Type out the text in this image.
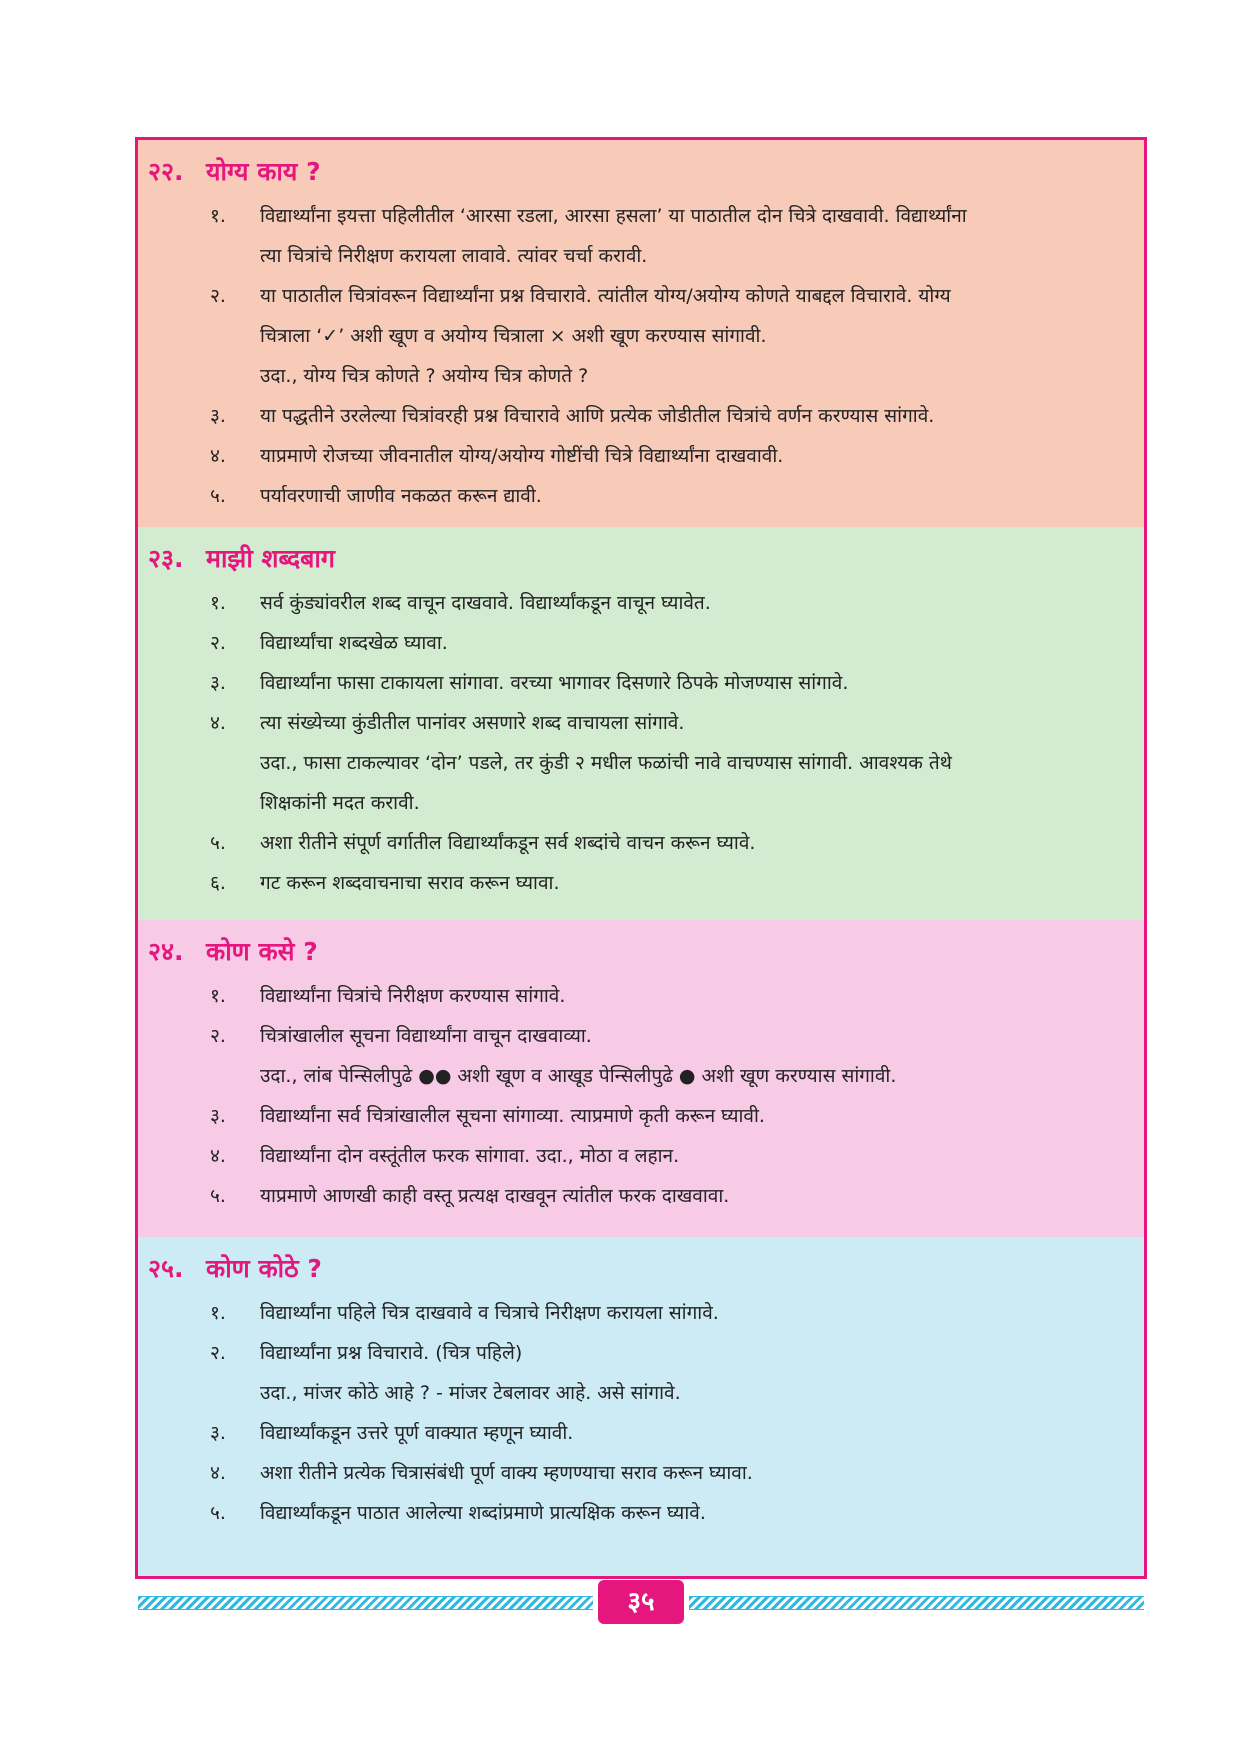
२२. योग्य काय ?
१.	विद्यार्थ्यांना इयत्ता पहिलीतील ‘आरसा रडला, आरसा हसला’ या पाठातील दोन चित्रे दाखवावी. विद्यार्थ्यांना
त्या चित्रांचे निरीक्षण करायला लावावे. त्यांवर चर्चा करावी.
२.	या पाठातील चित्रांवरून विद्यार्थ्यांना प्रश्न विचारावे. त्यांतील योग्य/अयोग्य कोणते याबद्दल विचारावे. योग्य
चित्राला ‘✓’ अशी खूण व अयोग्य चित्राला × अशी खूण करण्यास सांगावी.
उदा., योग्य चित्र कोणते ? अयोग्य चित्र कोणते ?
३.	या पद्धतीने उरलेल्या चित्रांवरही प्रश्न विचारावे आणि प्रत्येक जोडीतील चित्रांचे वर्णन करण्यास सांगावे.
४.	याप्रमाणे रोजच्या जीवनातील योग्य/अयोग्य गोष्टींची चित्रे विद्यार्थ्यांना दाखवावी.
५.	पर्यावरणाची जाणीव नकळत करून द्यावी.
२३. माझी शब्दबाग
१.	सर्व कुंड्यांवरील शब्द वाचून दाखवावे. विद्यार्थ्यांकडून वाचून घ्यावेत.
२.	विद्यार्थ्यांचा शब्दखेळ घ्यावा.
३.	विद्यार्थ्यांना फासा टाकायला सांगावा. वरच्या भागावर दिसणारे ठिपके मोजण्यास सांगावे.
४.	त्या संख्येच्या कुंडीतील पानांवर असणारे शब्द वाचायला सांगावे.
उदा., फासा टाकल्यावर ‘दोन’ पडले, तर कुंडी २ मधील फळांची नावे वाचण्यास सांगावी. आवश्यक तेथे
शिक्षकांनी मदत करावी.
५.	अशा रीतीने संपूर्ण वर्गातील विद्यार्थ्यांकडून सर्व शब्दांचे वाचन करून घ्यावे.
६.	गट करून शब्दवाचनाचा सराव करून घ्यावा.
२४. कोण कसे ?
१.	विद्यार्थ्यांना चित्रांचे निरीक्षण करण्यास सांगावे.
२.	चित्रांखालील सूचना विद्यार्थ्यांना वाचून दाखवाव्या.
उदा., लांब पेन्सिलीपुढे ●● अशी खूण व आखूड पेन्सिलीपुढे ● अशी खूण करण्यास सांगावी.
३.	विद्यार्थ्यांना सर्व चित्रांखालील सूचना सांगाव्या. त्याप्रमाणे कृती करून घ्यावी.
४.	विद्यार्थ्यांना दोन वस्तूंतील फरक सांगावा. उदा., मोठा व लहान.
५.	याप्रमाणे आणखी काही वस्तू प्रत्यक्ष दाखवून त्यांतील फरक दाखवावा.
२५. कोण कोठे ?
१.	विद्यार्थ्यांना पहिले चित्र दाखवावे व चित्राचे निरीक्षण करायला सांगावे.
२.	विद्यार्थ्यांना प्रश्न विचारावे. (चित्र पहिले)
उदा., मांजर कोठे आहे ? - मांजर टेबलावर आहे. असे सांगावे.
३.	विद्यार्थ्यांकडून उत्तरे पूर्ण वाक्यात म्हणून घ्यावी.
४.	अशा रीतीने प्रत्येक चित्रासंबंधी पूर्ण वाक्य म्हणण्याचा सराव करून घ्यावा.
५.	विद्यार्थ्यांकडून पाठात आलेल्या शब्दांप्रमाणे प्रात्यक्षिक करून घ्यावे.
३५
